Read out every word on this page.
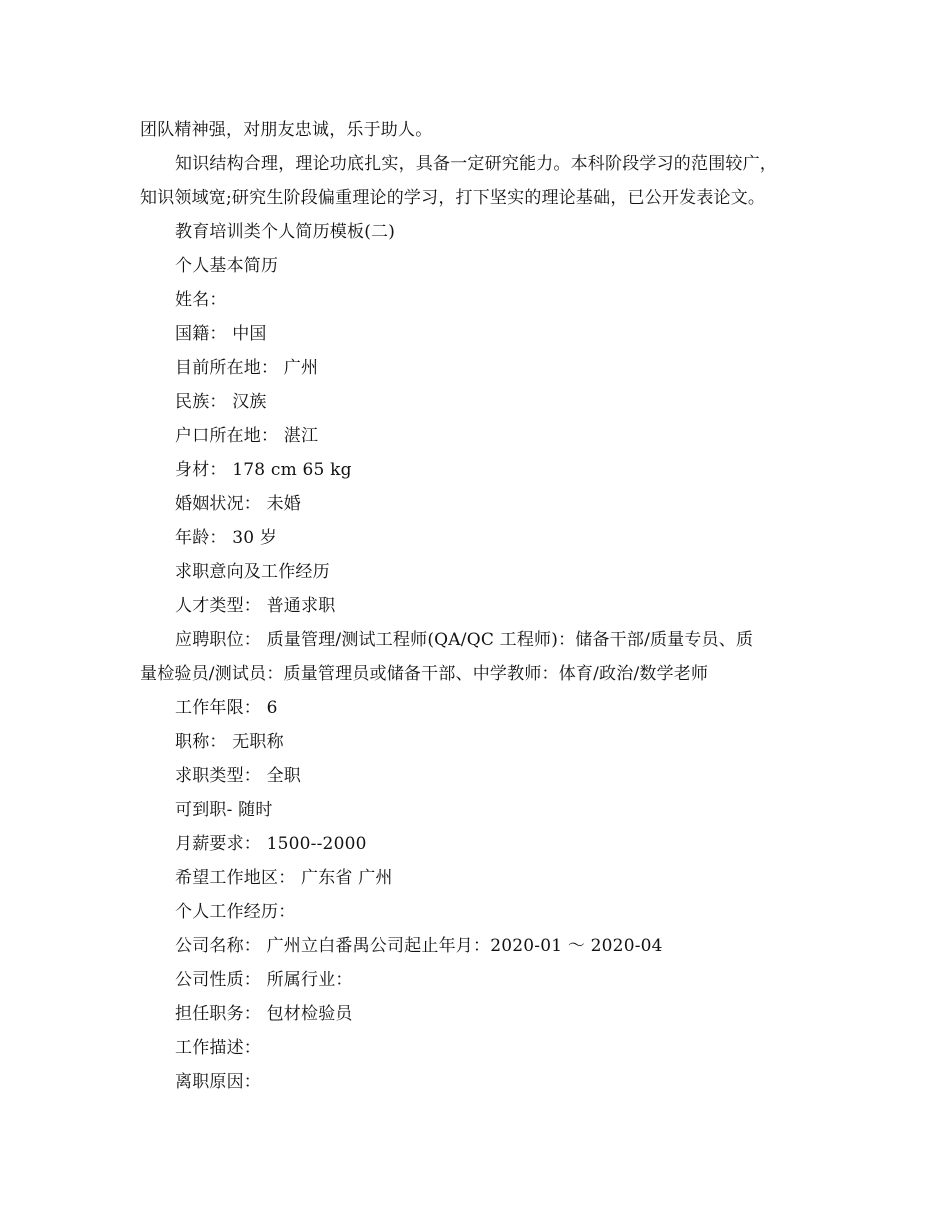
团队精神强，对朋友忠诚，乐于助人。
知识结构合理，理论功底扎实，具备一定研究能力。本科阶段学习的范围较广，
知识领域宽;研究生阶段偏重理论的学习，打下坚实的理论基础，已公开发表论文。
教育培训类个人简历模板(二)
个人基本简历
姓名：
国籍： 中国
目前所在地： 广州
民族： 汉族
户口所在地： 湛江
身材： 178 cm 65 kg
婚姻状况： 未婚
年龄： 30 岁
求职意向及工作经历
人才类型： 普通求职
应聘职位： 质量管理/测试工程师(QA/QC 工程师)：储备干部/质量专员、质
量检验员/测试员：质量管理员或储备干部、中学教师：体育/政治/数学老师
工作年限： 6
职称： 无职称
求职类型： 全职
可到职- 随时
月薪要求： 1500--2000
希望工作地区： 广东省 广州
个人工作经历：
公司名称： 广州立白番禺公司起止年月：2020-01 ～ 2020-04
公司性质： 所属行业：
担任职务： 包材检验员
工作描述：
离职原因：
